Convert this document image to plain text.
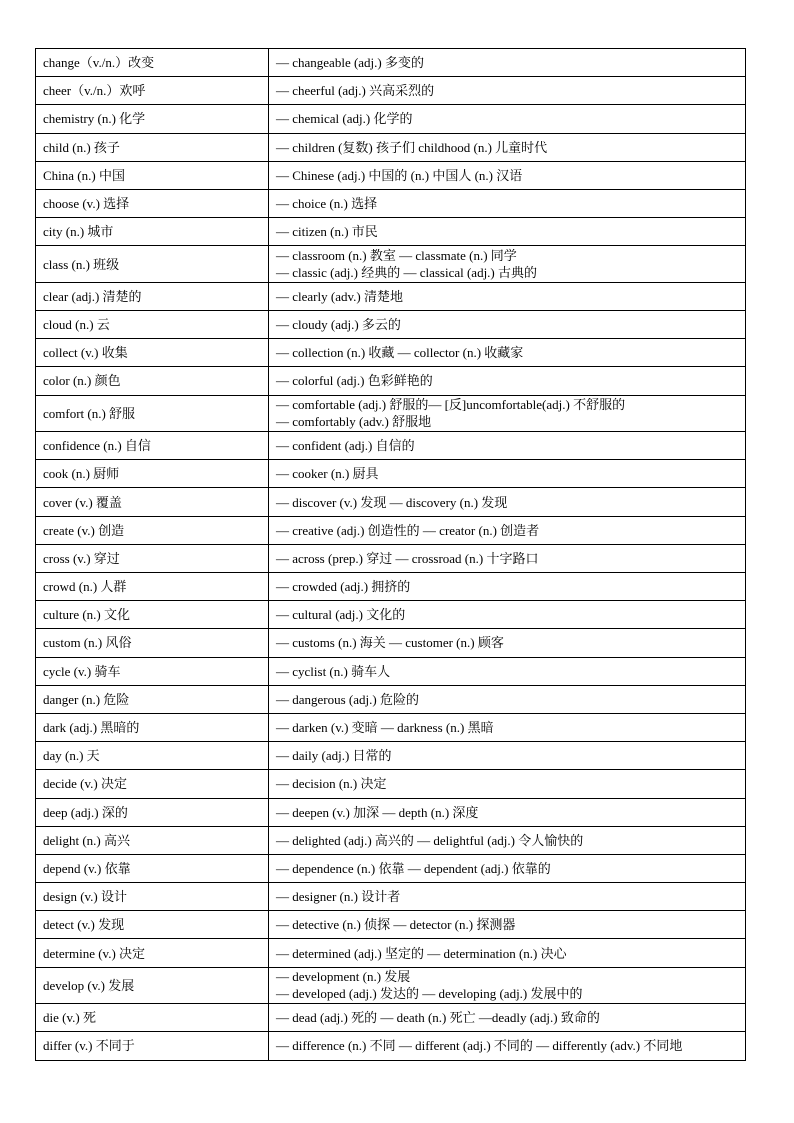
change（v./n.）改变	— changeable (adj.) 多变的

cheer（v./n.）欢呼	— cheerful (adj.) 兴高采烈的

chemistry (n.) 化学	— chemical (adj.) 化学的

child (n.) 孩子	— children (复数) 孩子们 childhood (n.) 儿童时代

China (n.) 中国	— Chinese (adj.) 中国的 (n.) 中国人 (n.) 汉语

choose (v.) 选择	— choice (n.) 选择

city (n.) 城市	— citizen (n.) 市民

class (n.) 班级	— classroom (n.) 教室 — classmate (n.) 同学
— classic (adj.) 经典的 — classical (adj.) 古典的

clear (adj.) 清楚的	— clearly (adv.) 清楚地

cloud (n.) 云	— cloudy (adj.) 多云的

collect (v.) 收集	— collection (n.) 收藏 — collector (n.) 收藏家

color (n.) 颜色	— colorful (adj.) 色彩鲜艳的

comfort (n.) 舒服	— comfortable (adj.) 舒服的— [反]uncomfortable(adj.) 不舒服的
— comfortably (adv.) 舒服地

confidence (n.) 自信	— confident (adj.) 自信的

cook (n.) 厨师	— cooker (n.) 厨具

cover (v.) 覆盖	— discover (v.) 发现 — discovery (n.) 发现

create (v.) 创造	— creative (adj.) 创造性的 — creator (n.) 创造者

cross (v.) 穿过	— across (prep.) 穿过 — crossroad (n.) 十字路口

crowd (n.) 人群	— crowded (adj.) 拥挤的

culture (n.) 文化	— cultural (adj.) 文化的

custom (n.) 风俗	— customs (n.) 海关 — customer (n.) 顾客

cycle (v.) 骑车	— cyclist (n.) 骑车人

danger (n.) 危险	— dangerous (adj.) 危险的

dark (adj.) 黑暗的	— darken (v.) 变暗 — darkness (n.) 黑暗

day (n.) 天	— daily (adj.) 日常的

decide (v.) 决定	— decision (n.) 决定

deep (adj.) 深的	— deepen (v.) 加深 — depth (n.) 深度

delight (n.) 高兴	— delighted (adj.) 高兴的 — delightful (adj.) 令人愉快的

depend (v.) 依靠	— dependence (n.) 依靠 — dependent (adj.) 依靠的

design (v.) 设计	— designer (n.) 设计者

detect (v.) 发现	— detective (n.) 侦探 — detector (n.) 探测器

determine (v.) 决定	— determined (adj.) 坚定的 — determination (n.) 决心

develop (v.) 发展	— development (n.) 发展
— developed (adj.) 发达的 — developing (adj.) 发展中的

die (v.) 死	— dead (adj.) 死的 — death (n.) 死亡 —deadly (adj.) 致命的

differ (v.) 不同于	— difference (n.) 不同 — different (adj.) 不同的 — differently (adv.) 不同地
